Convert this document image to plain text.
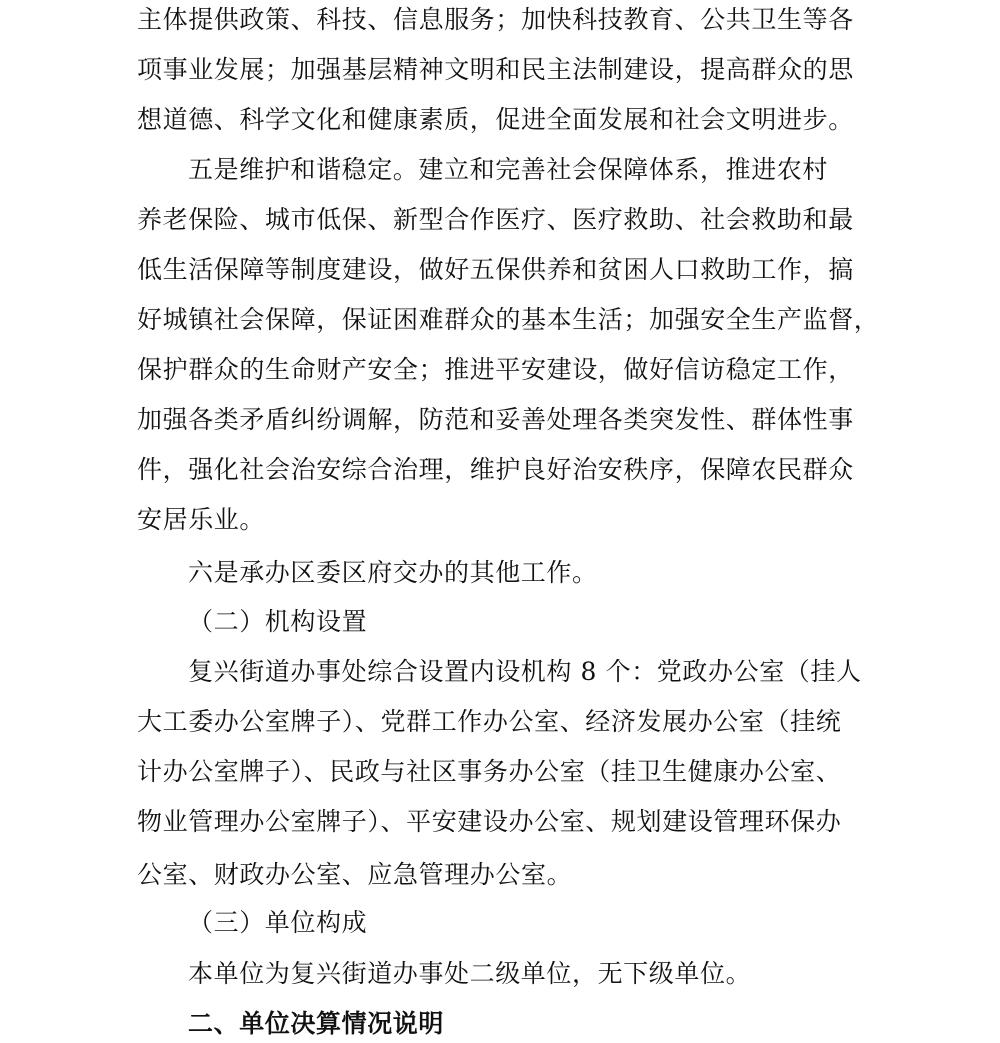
主体提供政策、科技、信息服务；加快科技教育、公共卫生等各
项事业发展；加强基层精神文明和民主法制建设，提高群众的思
想道德、科学文化和健康素质，促进全面发展和社会文明进步。
五是维护和谐稳定。建立和完善社会保障体系，推进农村
养老保险、城市低保、新型合作医疗、医疗救助、社会救助和最
低生活保障等制度建设，做好五保供养和贫困人口救助工作，搞
好城镇社会保障，保证困难群众的基本生活；加强安全生产监督，
保护群众的生命财产安全；推进平安建设，做好信访稳定工作，
加强各类矛盾纠纷调解，防范和妥善处理各类突发性、群体性事
件，强化社会治安综合治理，维护良好治安秩序，保障农民群众
安居乐业。
六是承办区委区府交办的其他工作。
（二）机构设置
复兴街道办事处综合设置内设机构 8 个：党政办公室（挂人
大工委办公室牌子）、党群工作办公室、经济发展办公室（挂统
计办公室牌子）、民政与社区事务办公室（挂卫生健康办公室、
物业管理办公室牌子）、平安建设办公室、规划建设管理环保办
公室、财政办公室、应急管理办公室。
（三）单位构成
本单位为复兴街道办事处二级单位，无下级单位。
二、单位决算情况说明
